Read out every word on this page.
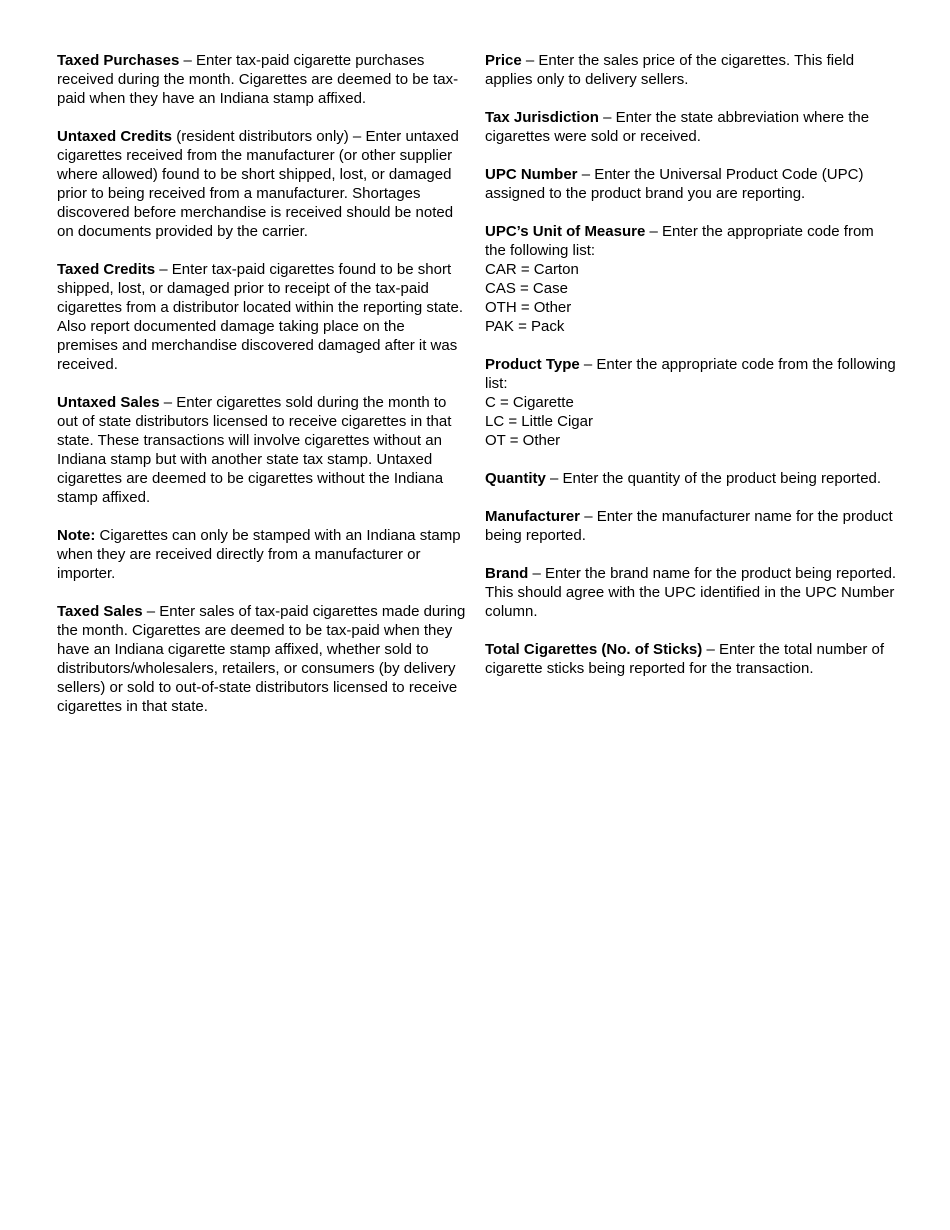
Taxed Purchases – Enter tax-paid cigarette purchases received during the month. Cigarettes are deemed to be tax-paid when they have an Indiana stamp affixed.

Untaxed Credits (resident distributors only) – Enter untaxed cigarettes received from the manufacturer (or other supplier where allowed) found to be short shipped, lost, or damaged prior to being received from a manufacturer. Shortages discovered before merchandise is received should be noted on documents provided by the carrier.

Taxed Credits – Enter tax-paid cigarettes found to be short shipped, lost, or damaged prior to receipt of the tax-paid cigarettes from a distributor located within the reporting state. Also report documented damage taking place on the premises and merchandise discovered damaged after it was received.

Untaxed Sales – Enter cigarettes sold during the month to out of state distributors licensed to receive cigarettes in that state. These transactions will involve cigarettes without an Indiana stamp but with another state tax stamp. Untaxed cigarettes are deemed to be cigarettes without the Indiana stamp affixed.

Note: Cigarettes can only be stamped with an Indiana stamp when they are received directly from a manufacturer or importer.

Taxed Sales – Enter sales of tax-paid cigarettes made during the month. Cigarettes are deemed to be tax-paid when they have an Indiana cigarette stamp affixed, whether sold to distributors/wholesalers, retailers, or consumers (by delivery sellers) or sold to out-of-state distributors licensed to receive cigarettes in that state.

Price – Enter the sales price of the cigarettes. This field applies only to delivery sellers.

Tax Jurisdiction – Enter the state abbreviation where the cigarettes were sold or received.

UPC Number – Enter the Universal Product Code (UPC) assigned to the product brand you are reporting.

UPC’s Unit of Measure – Enter the appropriate code from the following list:
CAR = Carton
CAS = Case
OTH = Other
PAK = Pack

Product Type – Enter the appropriate code from the following list:
C = Cigarette
LC = Little Cigar
OT = Other

Quantity – Enter the quantity of the product being reported.

Manufacturer – Enter the manufacturer name for the product being reported.

Brand – Enter the brand name for the product being reported. This should agree with the UPC identified in the UPC Number column.

Total Cigarettes (No. of Sticks) – Enter the total number of cigarette sticks being reported for the transaction.
